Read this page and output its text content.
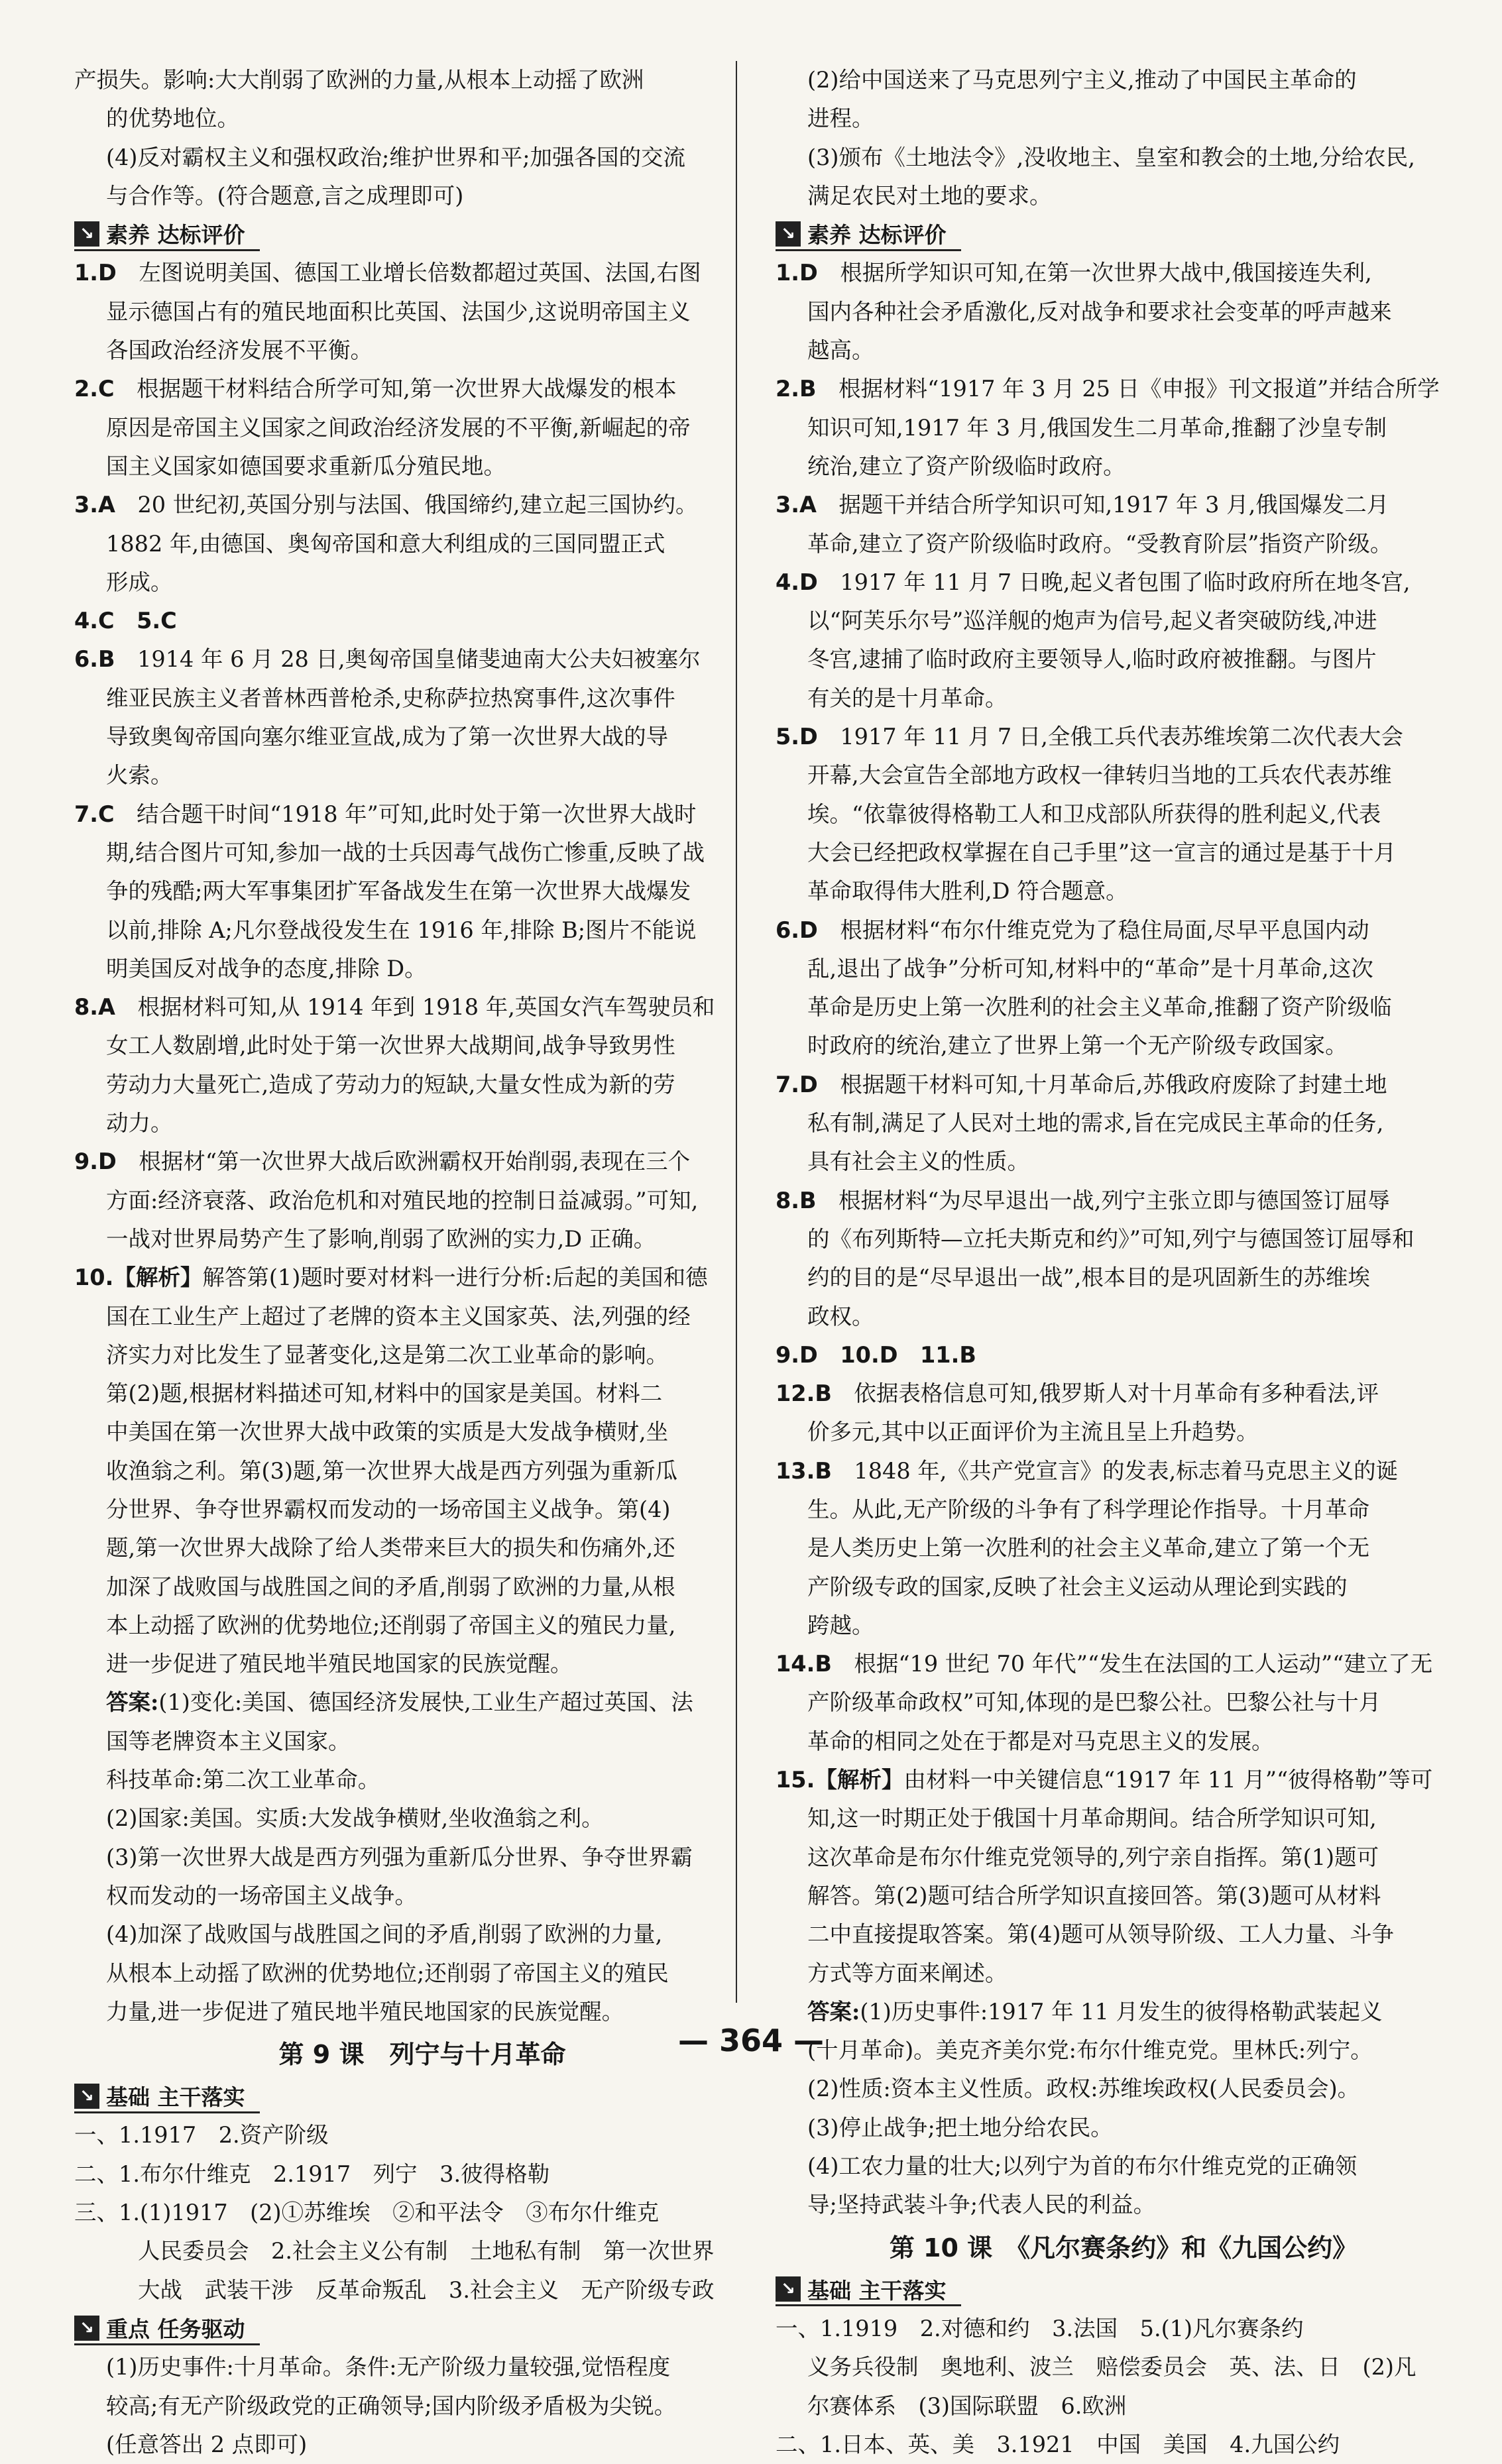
产损失。影响:大大削弱了欧洲的力量,从根本上动摇了欧洲
的优势地位。
(4)反对霸权主义和强权政治;维护世界和平;加强各国的交流
与合作等。(符合题意,言之成理即可)
↘ 素养 达标评价
1.D　 左图说明美国、德国工业增长倍数都超过英国、法国,右图
显示德国占有的殖民地面积比英国、法国少,这说明帝国主义
各国政治经济发展不平衡。
2.C　 根据题干材料结合所学可知,第一次世界大战爆发的根本
原因是帝国主义国家之间政治经济发展的不平衡,新崛起的帝
国主义国家如德国要求重新瓜分殖民地。
3.A　 20 世纪初,英国分别与法国、俄国缔约,建立起三国协约。
1882 年,由德国、奥匈帝国和意大利组成的三国同盟正式
形成。
4.C　5.C
6.B　 1914 年 6 月 28 日,奥匈帝国皇储斐迪南大公夫妇被塞尔
维亚民族主义者普林西普枪杀,史称萨拉热窝事件,这次事件
导致奥匈帝国向塞尔维亚宣战,成为了第一次世界大战的导
火索。
7.C　 结合题干时间“1918 年”可知,此时处于第一次世界大战时
期,结合图片可知,参加一战的士兵因毒气战伤亡惨重,反映了战
争的残酷;两大军事集团扩军备战发生在第一次世界大战爆发
以前,排除 A;凡尔登战役发生在 1916 年,排除 B;图片不能说
明美国反对战争的态度,排除 D。
8.A　 根据材料可知,从 1914 年到 1918 年,英国女汽车驾驶员和
女工人数剧增,此时处于第一次世界大战期间,战争导致男性
劳动力大量死亡,造成了劳动力的短缺,大量女性成为新的劳
动力。
9.D　 根据材“第一次世界大战后欧洲霸权开始削弱,表现在三个
方面:经济衰落、政治危机和对殖民地的控制日益减弱。”可知,
一战对世界局势产生了影响,削弱了欧洲的实力,D 正确。
10.【解析】解答第(1)题时要对材料一进行分析:后起的美国和德
国在工业生产上超过了老牌的资本主义国家英、法,列强的经
济实力对比发生了显著变化,这是第二次工业革命的影响。
第(2)题,根据材料描述可知,材料中的国家是美国。材料二
中美国在第一次世界大战中政策的实质是大发战争横财,坐
收渔翁之利。第(3)题,第一次世界大战是西方列强为重新瓜
分世界、争夺世界霸权而发动的一场帝国主义战争。第(4)
题,第一次世界大战除了给人类带来巨大的损失和伤痛外,还
加深了战败国与战胜国之间的矛盾,削弱了欧洲的力量,从根
本上动摇了欧洲的优势地位;还削弱了帝国主义的殖民力量,
进一步促进了殖民地半殖民地国家的民族觉醒。
答案:(1)变化:美国、德国经济发展快,工业生产超过英国、法
国等老牌资本主义国家。
科技革命:第二次工业革命。
(2)国家:美国。实质:大发战争横财,坐收渔翁之利。
(3)第一次世界大战是西方列强为重新瓜分世界、争夺世界霸
权而发动的一场帝国主义战争。
(4)加深了战败国与战胜国之间的矛盾,削弱了欧洲的力量,
从根本上动摇了欧洲的优势地位;还削弱了帝国主义的殖民
力量,进一步促进了殖民地半殖民地国家的民族觉醒。
第 9 课　列宁与十月革命
↘ 基础 主干落实
一、1.1917　2.资产阶级
二、1.布尔什维克　2.1917　列宁　3.彼得格勒
三、1.(1)1917　(2)①苏维埃　②和平法令　③布尔什维克
人民委员会　2.社会主义公有制　土地私有制　第一次世界
大战　武装干涉　反革命叛乱　3.社会主义　无产阶级专政
↘ 重点 任务驱动
(1)历史事件:十月革命。条件:无产阶级力量较强,觉悟程度
较高;有无产阶级政党的正确领导;国内阶级矛盾极为尖锐。
(任意答出 2 点即可)
(2)给中国送来了马克思列宁主义,推动了中国民主革命的
进程。
(3)颁布《土地法令》,没收地主、皇室和教会的土地,分给农民,
满足农民对土地的要求。
↘ 素养 达标评价
1.D　 根据所学知识可知,在第一次世界大战中,俄国接连失利,
国内各种社会矛盾激化,反对战争和要求社会变革的呼声越来
越高。
2.B　 根据材料“1917 年 3 月 25 日《申报》刊文报道”并结合所学
知识可知,1917 年 3 月,俄国发生二月革命,推翻了沙皇专制
统治,建立了资产阶级临时政府。
3.A　 据题干并结合所学知识可知,1917 年 3 月,俄国爆发二月
革命,建立了资产阶级临时政府。“受教育阶层”指资产阶级。
4.D　 1917 年 11 月 7 日晚,起义者包围了临时政府所在地冬宫,
以“阿芙乐尔号”巡洋舰的炮声为信号,起义者突破防线,冲进
冬宫,逮捕了临时政府主要领导人,临时政府被推翻。与图片
有关的是十月革命。
5.D　 1917 年 11 月 7 日,全俄工兵代表苏维埃第二次代表大会
开幕,大会宣告全部地方政权一律转归当地的工兵农代表苏维
埃。“依靠彼得格勒工人和卫戍部队所获得的胜利起义,代表
大会已经把政权掌握在自己手里”这一宣言的通过是基于十月
革命取得伟大胜利,D 符合题意。
6.D　 根据材料“布尔什维克党为了稳住局面,尽早平息国内动
乱,退出了战争”分析可知,材料中的“革命”是十月革命,这次
革命是历史上第一次胜利的社会主义革命,推翻了资产阶级临
时政府的统治,建立了世界上第一个无产阶级专政国家。
7.D　 根据题干材料可知,十月革命后,苏俄政府废除了封建土地
私有制,满足了人民对土地的需求,旨在完成民主革命的任务,
具有社会主义的性质。
8.B　 根据材料“为尽早退出一战,列宁主张立即与德国签订屈辱
的《布列斯特—立托夫斯克和约》”可知,列宁与德国签订屈辱和
约的目的是“尽早退出一战”,根本目的是巩固新生的苏维埃
政权。
9.D　10.D　11.B
12.B　 依据表格信息可知,俄罗斯人对十月革命有多种看法,评
价多元,其中以正面评价为主流且呈上升趋势。
13.B　 1848 年,《共产党宣言》的发表,标志着马克思主义的诞
生。从此,无产阶级的斗争有了科学理论作指导。十月革命
是人类历史上第一次胜利的社会主义革命,建立了第一个无
产阶级专政的国家,反映了社会主义运动从理论到实践的
跨越。
14.B　 根据“19 世纪 70 年代”“发生在法国的工人运动”“建立了无
产阶级革命政权”可知,体现的是巴黎公社。巴黎公社与十月
革命的相同之处在于都是对马克思主义的发展。
15.【解析】由材料一中关键信息“1917 年 11 月”“彼得格勒”等可
知,这一时期正处于俄国十月革命期间。结合所学知识可知,
这次革命是布尔什维克党领导的,列宁亲自指挥。第(1)题可
解答。第(2)题可结合所学知识直接回答。第(3)题可从材料
二中直接提取答案。第(4)题可从领导阶级、工人力量、斗争
方式等方面来阐述。
答案:(1)历史事件:1917 年 11 月发生的彼得格勒武装起义
(十月革命)。美克齐美尔党:布尔什维克党。里林氏:列宁。
(2)性质:资本主义性质。政权:苏维埃政权(人民委员会)。
(3)停止战争;把土地分给农民。
(4)工农力量的壮大;以列宁为首的布尔什维克党的正确领
导;坚持武装斗争;代表人民的利益。
第 10 课　《凡尔赛条约》和《九国公约》
↘ 基础 主干落实
一、1.1919　2.对德和约　3.法国　5.(1)凡尔赛条约
义务兵役制　奥地利、波兰　赔偿委员会　英、法、日　(2)凡
尔赛体系　(3)国际联盟　6.欧洲
二、1.日本、英、美　3.1921　中国　美国　4.九国公约
— 364 —
